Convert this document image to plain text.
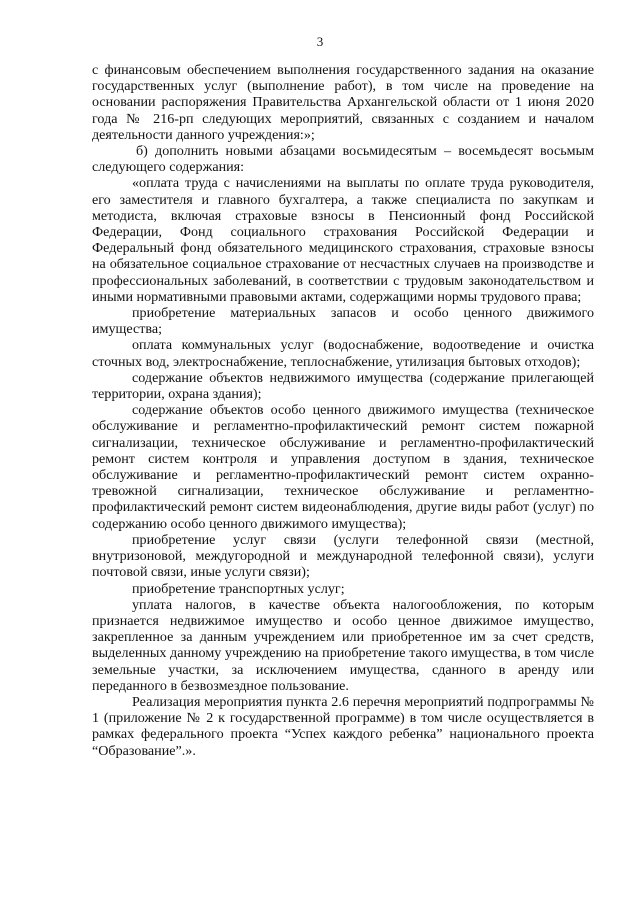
3

с финансовым обеспечением выполнения государственного задания на оказание государственных услуг (выполнение работ), в том числе на проведение на основании распоряжения Правительства Архангельской области от 1 июня 2020 года № 216-рп следующих мероприятий, связанных с созданием и началом деятельности данного учреждения:»;

б) дополнить новыми абзацами восьмидесятым – восемьдесят восьмым следующего содержания:

«оплата труда с начислениями на выплаты по оплате труда руководителя, его заместителя и главного бухгалтера, а также специалиста по закупкам и методиста, включая страховые взносы в Пенсионный фонд Российской Федерации, Фонд социального страхования Российской Федерации и Федеральный фонд обязательного медицинского страхования, страховые взносы на обязательное социальное страхование от несчастных случаев на производстве и профессиональных заболеваний, в соответствии с трудовым законодательством и иными нормативными правовыми актами, содержащими нормы трудового права;

приобретение материальных запасов и особо ценного движимого имущества;

оплата коммунальных услуг (водоснабжение, водоотведение и очистка сточных вод, электроснабжение, теплоснабжение, утилизация бытовых отходов);

содержание объектов недвижимого имущества (содержание прилегающей территории, охрана здания);

содержание объектов особо ценного движимого имущества (техническое обслуживание и регламентно-профилактический ремонт систем пожарной сигнализации, техническое обслуживание и регламентно-профилактический ремонт систем контроля и управления доступом в здания, техническое обслуживание и регламентно-профилактический ремонт систем охранно-тревожной сигнализации, техническое обслуживание и регламентно-профилактический ремонт систем видеонаблюдения, другие виды работ (услуг) по содержанию особо ценного движимого имущества);

приобретение услуг связи (услуги телефонной связи (местной, внутризоновой, междугородной и международной телефонной связи), услуги почтовой связи, иные услуги связи);

приобретение транспортных услуг;

уплата налогов, в качестве объекта налогообложения, по которым признается недвижимое имущество и особо ценное движимое имущество, закрепленное за данным учреждением или приобретенное им за счет средств, выделенных данному учреждению на приобретение такого имущества, в том числе земельные участки, за исключением имущества, сданного в аренду или переданного в безвозмездное пользование.

Реализация мероприятия пункта 2.6 перечня мероприятий подпрограммы № 1 (приложение № 2 к государственной программе) в том числе осуществляется в рамках федерального проекта “Успех каждого ребенка” национального проекта “Образование”.».
